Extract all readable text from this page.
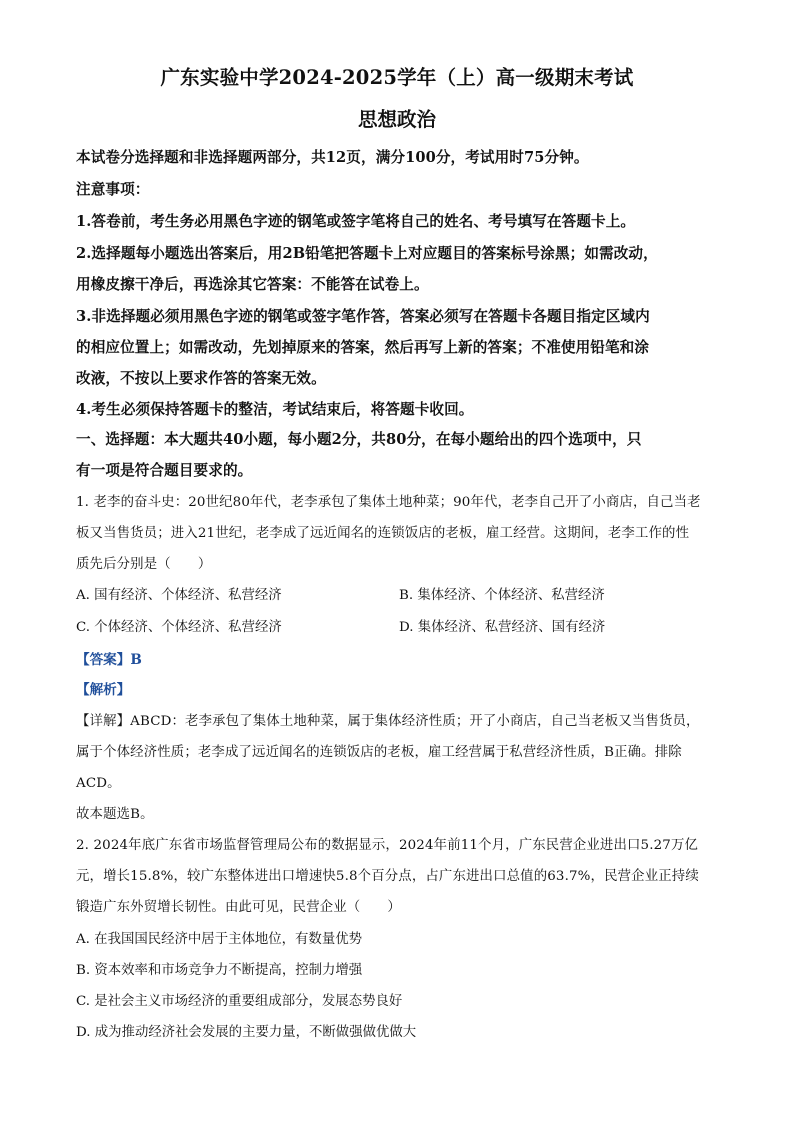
广东实验中学2024-2025学年（上）高一级期末考试
思想政治
本试卷分选择题和非选择题两部分，共12页，满分100分，考试用时75分钟。
注意事项：
1.答卷前，考生务必用黑色字迹的钢笔或签字笔将自己的姓名、考号填写在答题卡上。
2.选择题每小题选出答案后，用2B铅笔把答题卡上对应题目的答案标号涂黑；如需改动，
用橡皮擦干净后，再选涂其它答案：不能答在试卷上。
3.非选择题必须用黑色字迹的钢笔或签字笔作答，答案必须写在答题卡各题目指定区域内
的相应位置上；如需改动，先划掉原来的答案，然后再写上新的答案；不准使用铅笔和涂
改液，不按以上要求作答的答案无效。
4.考生必须保持答题卡的整洁，考试结束后，将答题卡收回。
一、选择题：本大题共40小题，每小题2分，共80分，在每小题给出的四个选项中，只
有一项是符合题目要求的。
1. 老李的奋斗史：20世纪80年代，老李承包了集体土地种菜；90年代，老李自己开了小商店，自己当老
板又当售货员；进入21世纪，老李成了远近闻名的连锁饭店的老板，雇工经营。这期间，老李工作的性
质先后分别是（　　）
A. 国有经济、个体经济、私营经济	B. 集体经济、个体经济、私营经济
C. 个体经济、个体经济、私营经济	D. 集体经济、私营经济、国有经济
【答案】B
【解析】
【详解】ABCD：老李承包了集体土地种菜，属于集体经济性质；开了小商店，自己当老板又当售货员，
属于个体经济性质；老李成了远近闻名的连锁饭店的老板，雇工经营属于私营经济性质，B正确。排除
ACD。
故本题选B。
2. 2024年底广东省市场监督管理局公布的数据显示，2024年前11个月，广东民营企业进出口5.27万亿
元，增长15.8%，较广东整体进出口增速快5.8个百分点，占广东进出口总值的63.7%，民营企业正持续
锻造广东外贸增长韧性。由此可见，民营企业（　　）
A. 在我国国民经济中居于主体地位，有数量优势
B. 资本效率和市场竞争力不断提高，控制力增强
C. 是社会主义市场经济的重要组成部分，发展态势良好
D. 成为推动经济社会发展的主要力量，不断做强做优做大
